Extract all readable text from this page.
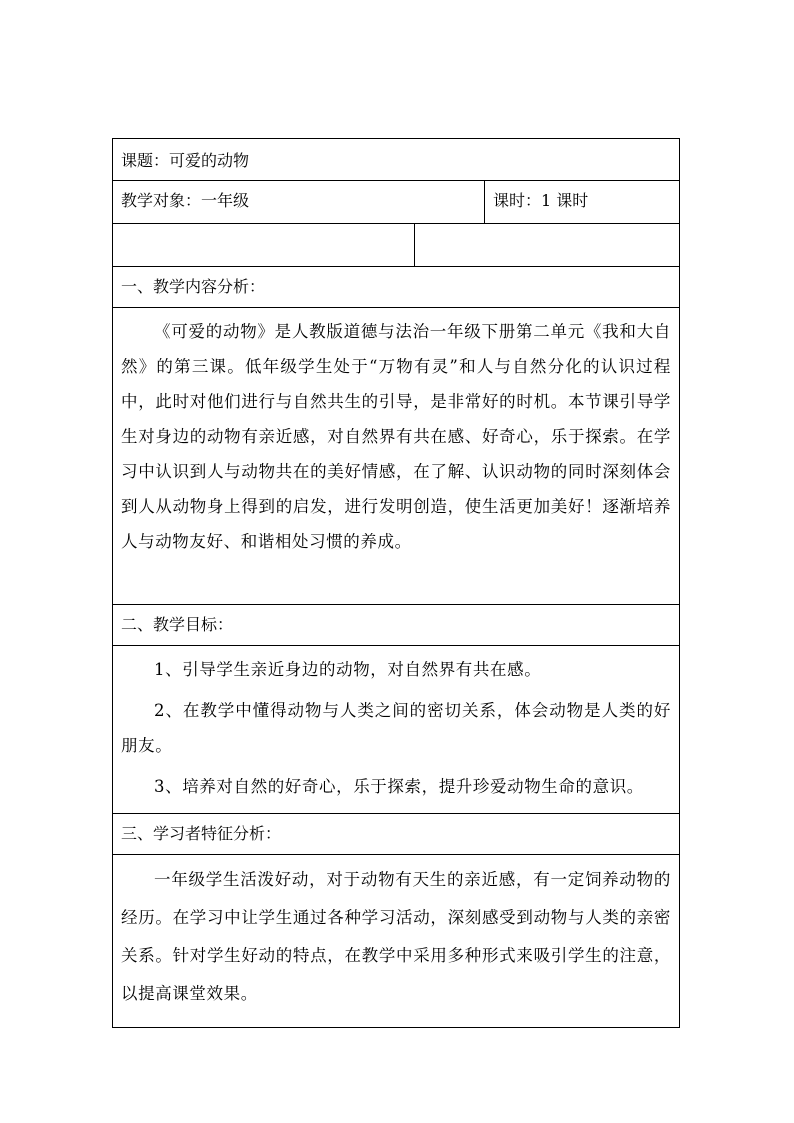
课题：可爱的动物
教学对象：一年级	课时：1 课时
一、教学内容分析：

《可爱的动物》是人教版道德与法治一年级下册第二单元《我和大自然》的第三课。低年级学生处于“万物有灵”和人与自然分化的认识过程中，此时对他们进行与自然共生的引导，是非常好的时机。本节课引导学生对身边的动物有亲近感，对自然界有共在感、好奇心，乐于探索。在学习中认识到人与动物共在的美好情感，在了解、认识动物的同时深刻体会到人从动物身上得到的启发，进行发明创造，使生活更加美好！逐渐培养人与动物友好、和谐相处习惯的养成。

二、教学目标：

1、引导学生亲近身边的动物，对自然界有共在感。

2、在教学中懂得动物与人类之间的密切关系，体会动物是人类的好朋友。

3、培养对自然的好奇心，乐于探索，提升珍爱动物生命的意识。

三、学习者特征分析：

一年级学生活泼好动，对于动物有天生的亲近感，有一定饲养动物的经历。在学习中让学生通过各种学习活动，深刻感受到动物与人类的亲密关系。针对学生好动的特点，在教学中采用多种形式来吸引学生的注意，以提高课堂效果。
